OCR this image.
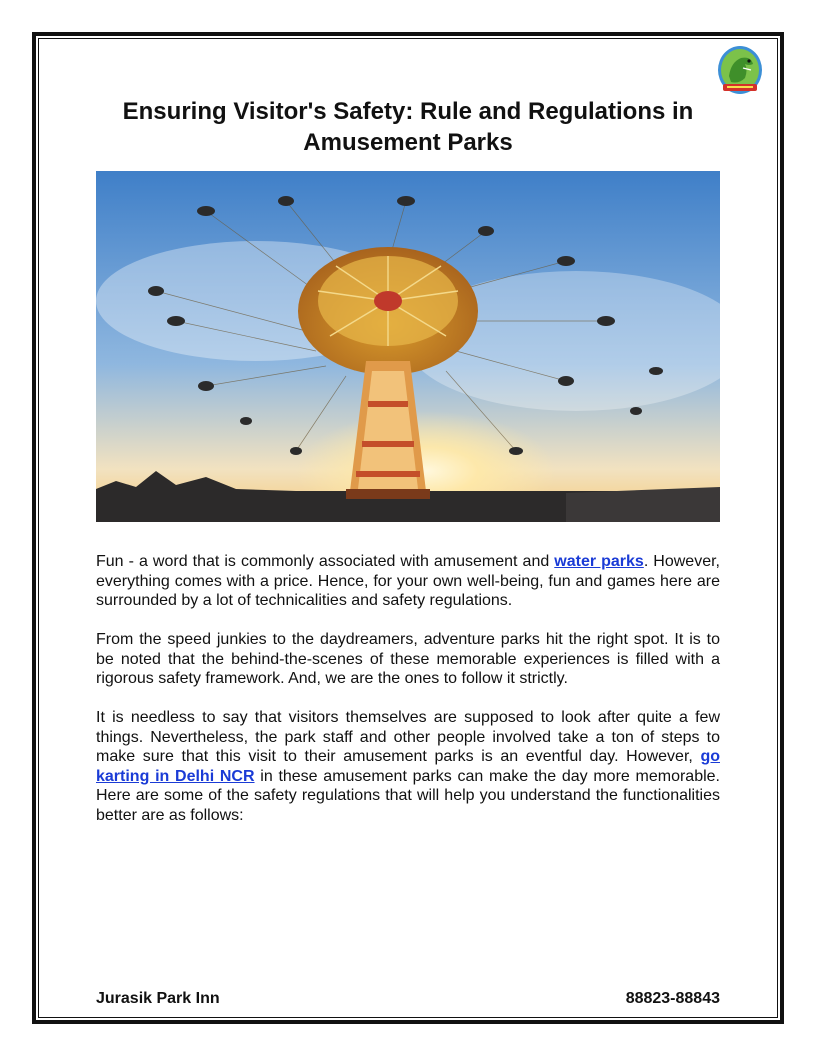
Ensuring Visitor's Safety: Rule and Regulations in Amusement Parks

Fun - a word that is commonly associated with amusement and water parks. However, everything comes with a price. Hence, for your own well-being, fun and games here are surrounded by a lot of technicalities and safety regulations.

From the speed junkies to the daydreamers, adventure parks hit the right spot. It is to be noted that the behind-the-scenes of these memorable experiences is filled with a rigorous safety framework. And, we are the ones to follow it strictly.

It is needless to say that visitors themselves are supposed to look after quite a few things. Nevertheless, the park staff and other people involved take a ton of steps to make sure that this visit to their amusement parks is an eventful day. However, go karting in Delhi NCR in these amusement parks can make the day more memorable. Here are some of the safety regulations that will help you understand the functionalities better are as follows:

Jurasik Park Inn	88823-88843
